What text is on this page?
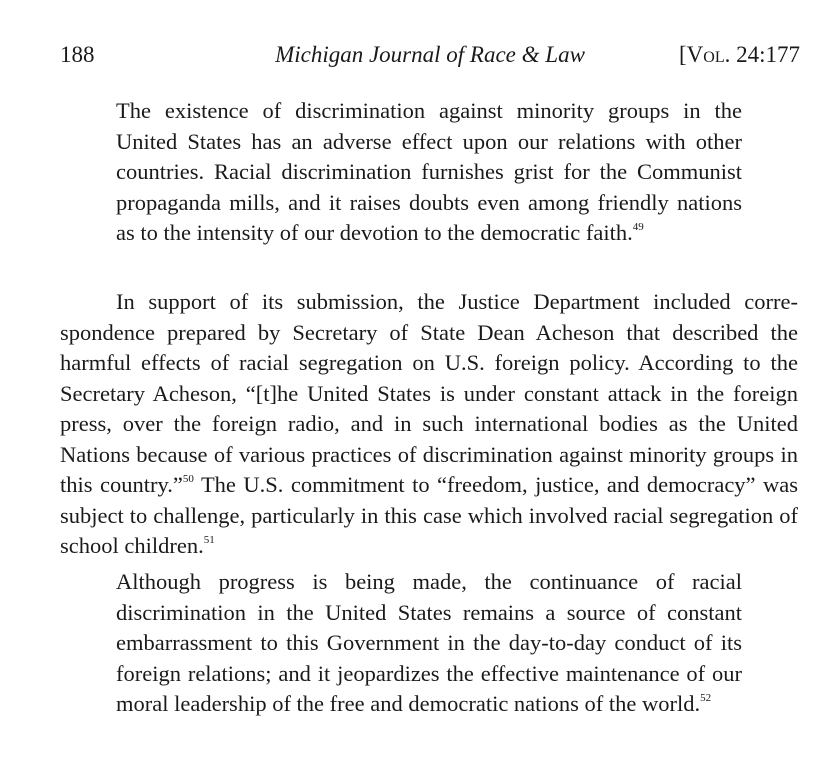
188	Michigan Journal of Race & Law	[Vol. 24:177

The existence of discrimination against minority groups in the United States has an adverse effect upon our relations with other countries. Racial discrimination furnishes grist for the Communist propaganda mills, and it raises doubts even among friendly nations as to the intensity of our devotion to the democratic faith.$^{49}$

In support of its submission, the Justice Department included correspondence prepared by Secretary of State Dean Acheson that described the harmful effects of racial segregation on U.S. foreign policy. According to the Secretary Acheson, “[t]he United States is under constant attack in the foreign press, over the foreign radio, and in such international bodies as the United Nations because of various practices of discrimination against minority groups in this country.”$^{50}$ The U.S. commitment to “freedom, justice, and democracy” was subject to challenge, particularly in this case which involved racial segregation of school children.$^{51}$

Although progress is being made, the continuance of racial discrimination in the United States remains a source of constant embarrassment to this Government in the day-to-day conduct of its foreign relations; and it jeopardizes the effective maintenance of our moral leadership of the free and democratic nations of the world.$^{52}$
